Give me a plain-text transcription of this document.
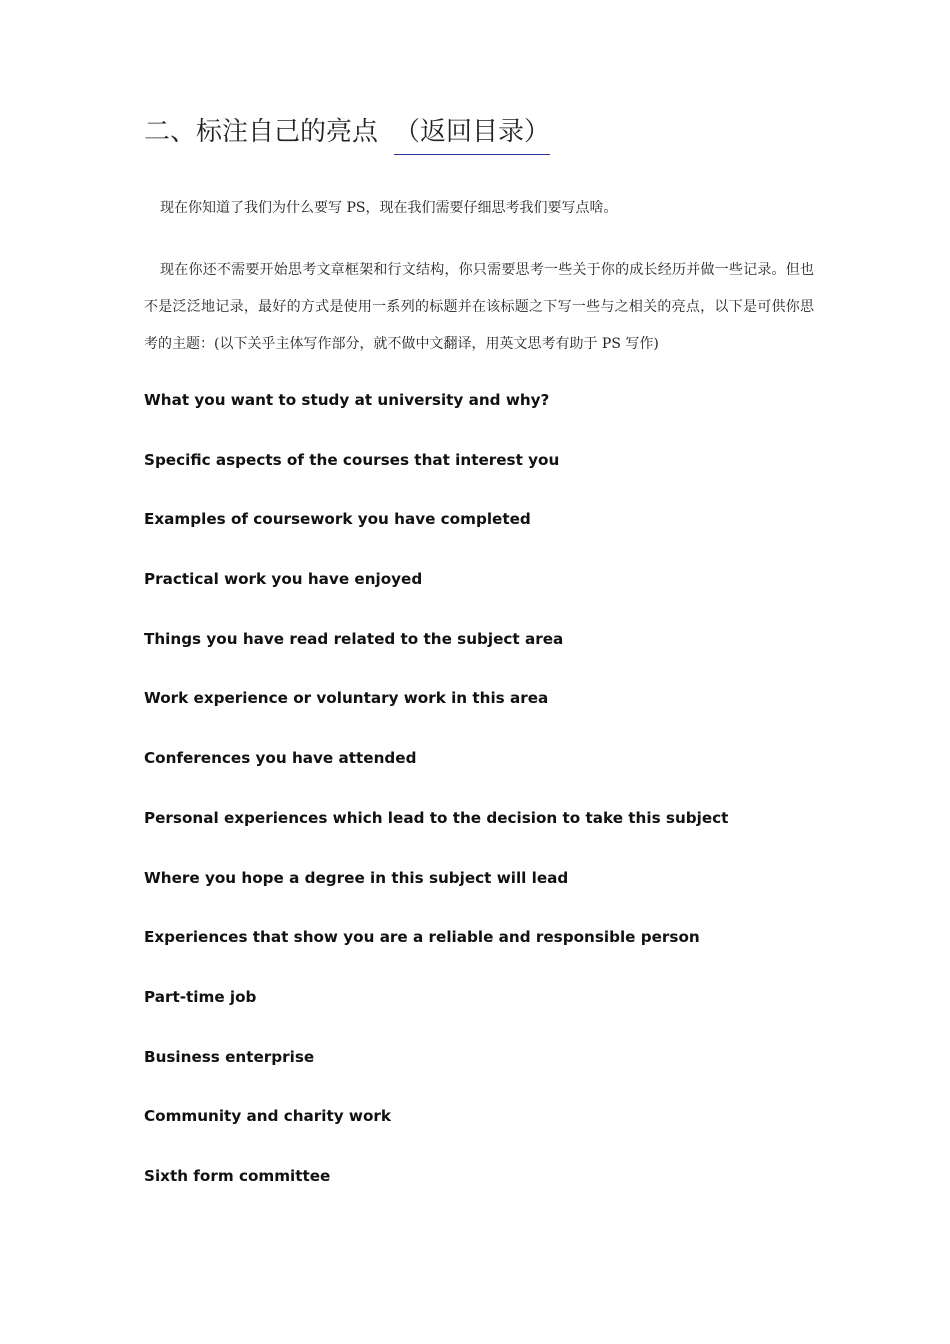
二、标注自己的亮点 （返回目录）

现在你知道了我们为什么要写 PS，现在我们需要仔细思考我们要写点啥。

现在你还不需要开始思考文章框架和行文结构，你只需要思考一些关于你的成长经历并做一些记录。但也不是泛泛地记录，最好的方式是使用一系列的标题并在该标题之下写一些与之相关的亮点，以下是可供你思考的主题：(以下关乎主体写作部分，就不做中文翻译，用英文思考有助于 PS 写作)

What you want to study at university and why?
Specific aspects of the courses that interest you
Examples of coursework you have completed
Practical work you have enjoyed
Things you have read related to the subject area
Work experience or voluntary work in this area
Conferences you have attended
Personal experiences which lead to the decision to take this subject
Where you hope a degree in this subject will lead
Experiences that show you are a reliable and responsible person
Part-time job
Business enterprise
Community and charity work
Sixth form committee
